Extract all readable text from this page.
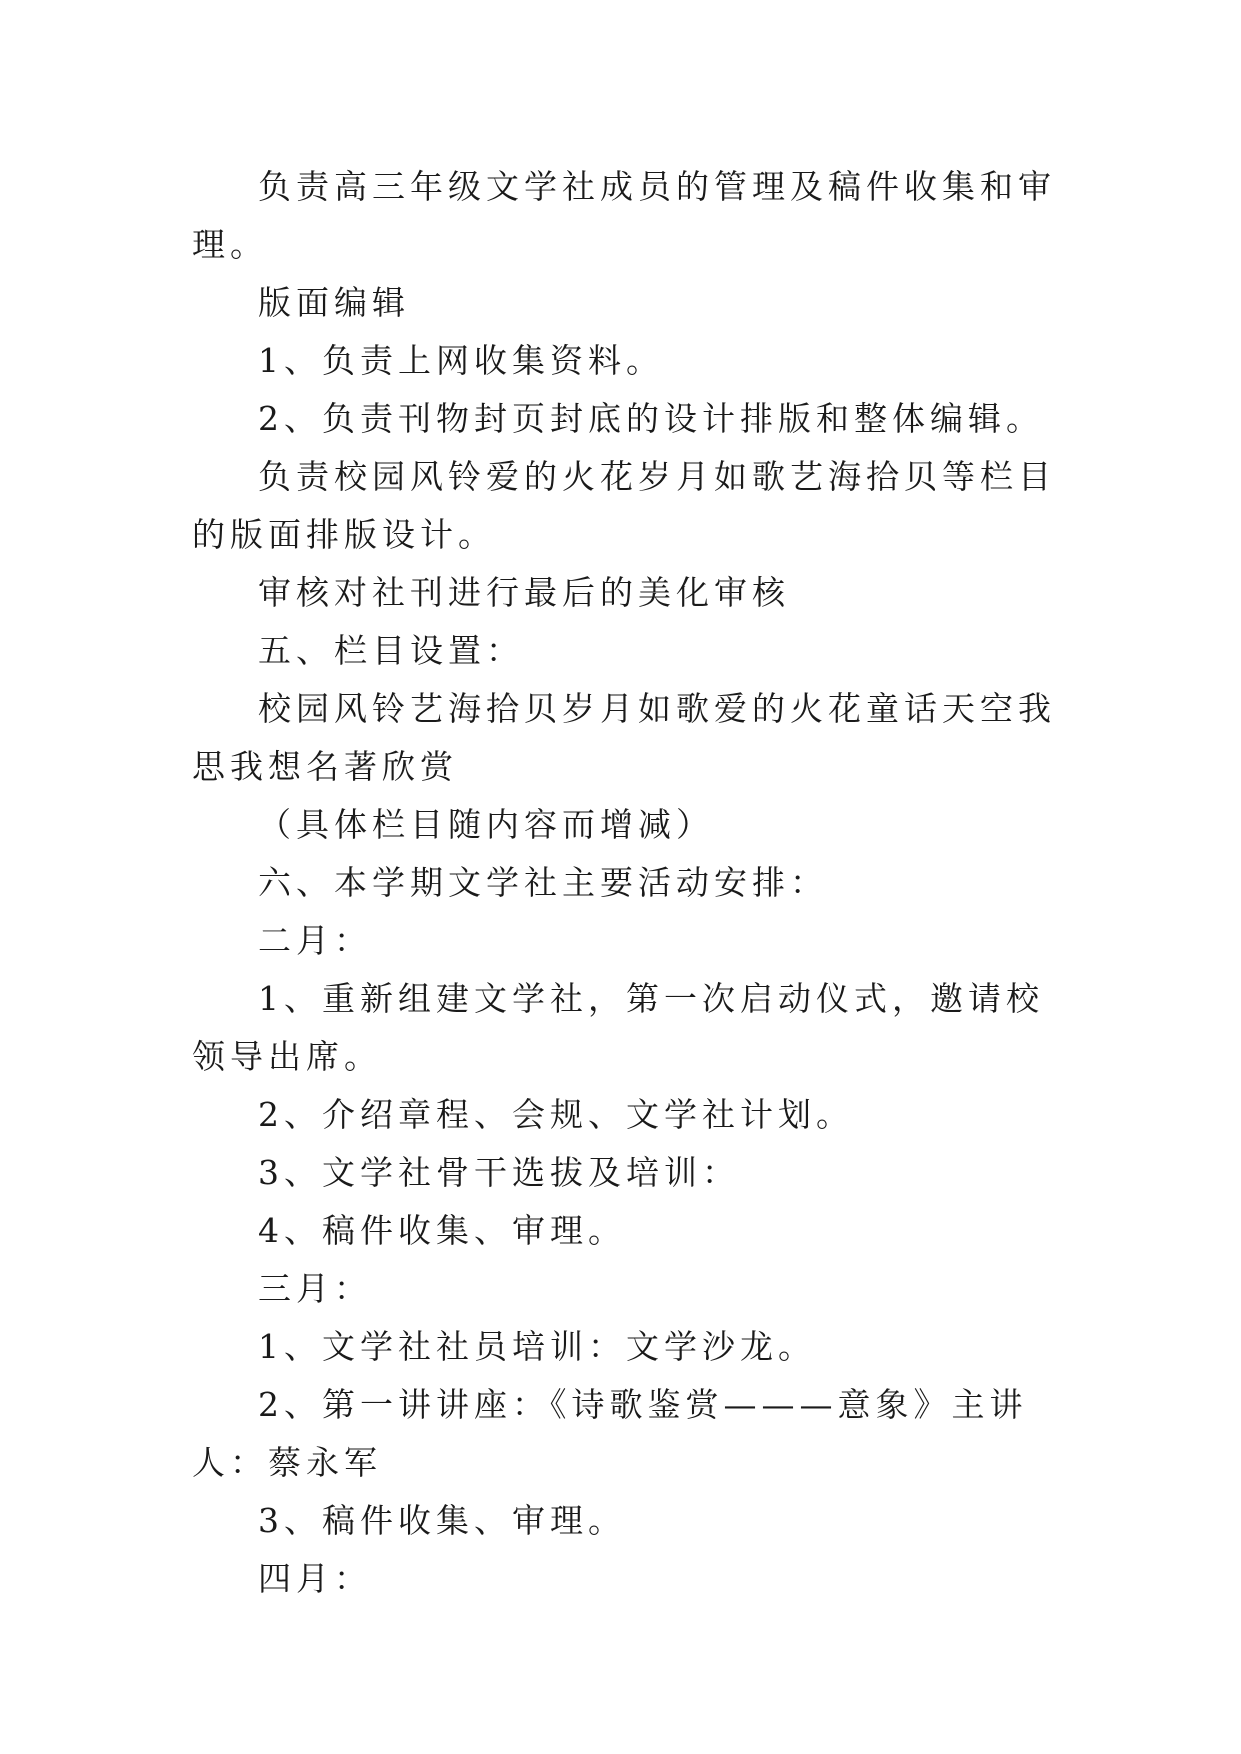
负责高三年级文学社成员的管理及稿件收集和审理。

版面编辑

1、负责上网收集资料。

2、负责刊物封页封底的设计排版和整体编辑。

负责校园风铃爱的火花岁月如歌艺海拾贝等栏目的版面排版设计。

审核对社刊进行最后的美化审核

五、栏目设置：

校园风铃艺海拾贝岁月如歌爱的火花童话天空我思我想名著欣赏

（具体栏目随内容而增减）

六、本学期文学社主要活动安排：

二月：

1、重新组建文学社，第一次启动仪式，邀请校领导出席。

2、介绍章程、会规、文学社计划。

3、文学社骨干选拔及培训：

4、稿件收集、审理。

三月：

1、文学社社员培训：文学沙龙。

2、第一讲讲座：《诗歌鉴赏———意象》主讲人：蔡永军

3、稿件收集、审理。

四月：
